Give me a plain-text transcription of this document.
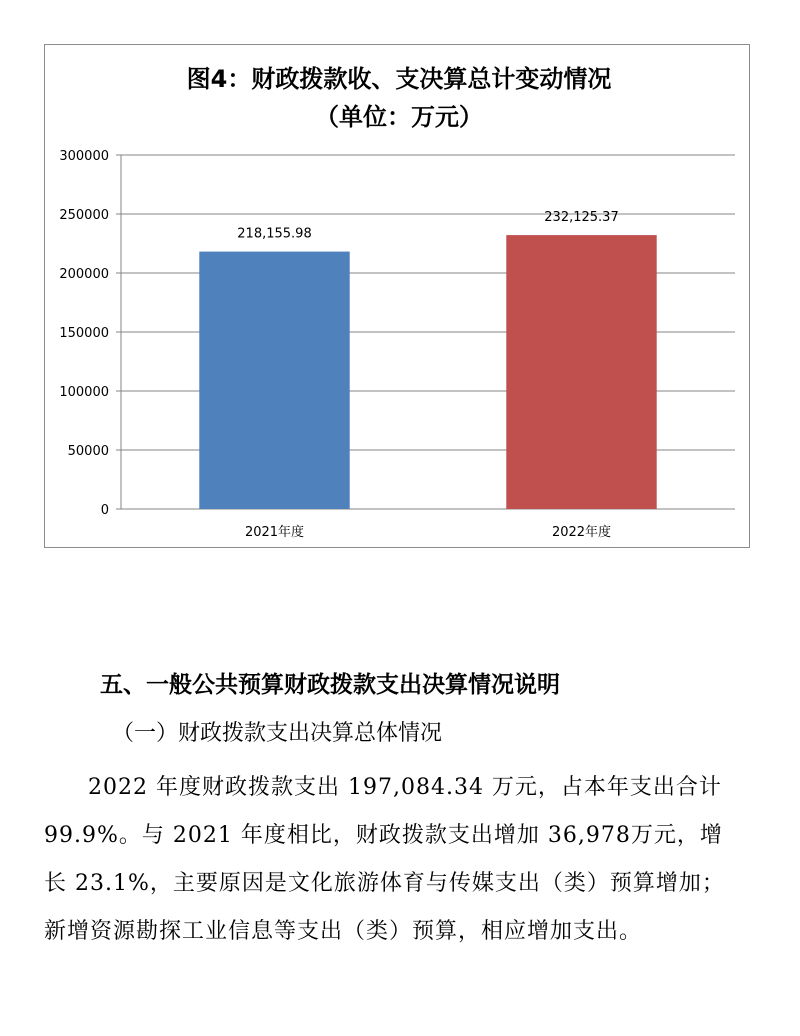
图4：财政拨款收、支决算总计变动情况
（单位：万元）
0
50000
100000
150000
200000
250000
300000
218,155.98
2021年度
232,125.37
2022年度
五、一般公共预算财政拨款支出决算情况说明
（一）财政拨款支出决算总体情况

2022 年度财政拨款支出 197,084.34 万元，占本年支出合计 99.9%。与 2021 年度相比，财政拨款支出增加 36,978万元，增长 23.1%，主要原因是文化旅游体育与传媒支出（类）预算增加；新增资源勘探工业信息等支出（类）预算，相应增加支出。
